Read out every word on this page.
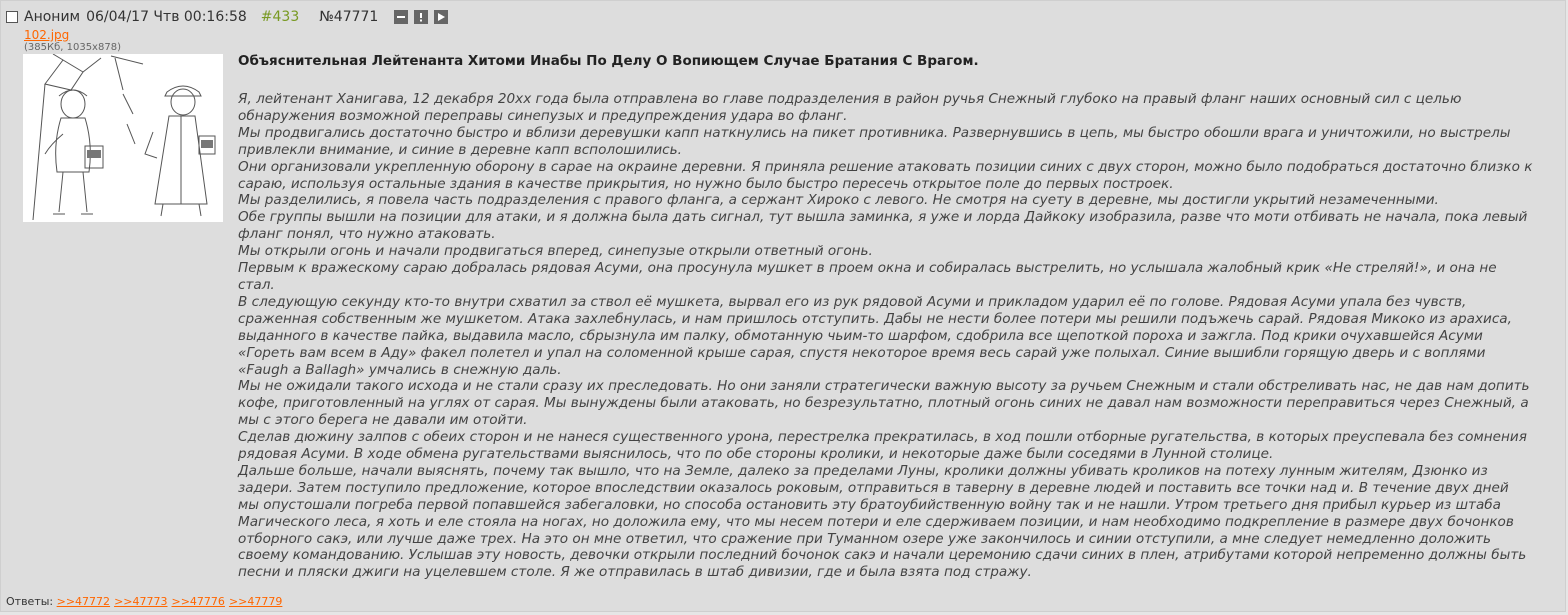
Аноним 06/04/17 Чтв 00:16:58 #433 №47771
102.jpg
(385Кб, 1035x878)
Объяснительная Лейтенанта Хитоми Инабы По Делу О Вопиющем Случае Братания С Врагом.

Я, лейтенант Ханигава, 12 декабря 20хх года была отправлена во главе подразделения в район ручья Снежный глубоко на правый фланг наших основный сил с целью обнаружения возможной переправы синепузых и предупреждения удара во фланг.

Мы продвигались достаточно быстро и вблизи деревушки капп наткнулись на пикет противника. Развернувшись в цепь, мы быстро обошли врага и уничтожили, но выстрелы привлекли внимание, и синие в деревне капп всполошились.

Они организовали укрепленную оборону в сарае на окраине деревни. Я приняла решение атаковать позиции синих с двух сторон, можно было подобраться достаточно близко к сараю, используя остальные здания в качестве прикрытия, но нужно было быстро пересечь открытое поле до первых построек.

Мы разделились, я повела часть подразделения с правого фланга, а сержант Хироко с левого. Не смотря на суету в деревне, мы достигли укрытий незамеченными.

Обе группы вышли на позиции для атаки, и я должна была дать сигнал, тут вышла заминка, я уже и лорда Дайкоку изобразила, разве что моти отбивать не начала, пока левый фланг понял, что нужно атаковать.

Мы открыли огонь и начали продвигаться вперед, синепузые открыли ответный огонь.

Первым к вражескому сараю добралась рядовая Асуми, она просунула мушкет в проем окна и собиралась выстрелить, но услышала жалобный крик «Не стреляй!», и она не стал.

В следующую секунду кто-то внутри схватил за ствол её мушкета, вырвал его из рук рядовой Асуми и прикладом ударил её по голове. Рядовая Асуми упала без чувств, сраженная собственным же мушкетом. Атака захлебнулась, и нам пришлось отступить. Дабы не нести более потери мы решили подъжечь сарай. Рядовая Микоко из арахиса, выданного в качестве пайка, выдавила масло, сбрызнула им палку, обмотанную чьим-то шарфом, сдобрила все щепоткой пороха и зажгла. Под крики очухавшейся Асуми «Гореть вам всем в Аду» факел полетел и упал на соломенной крыше сарая, спустя некоторое время весь сарай уже полыхал. Синие вышибли горящую дверь и с воплями «Faugh a Ballagh» умчались в снежную даль.

Мы не ожидали такого исхода и не стали сразу их преследовать. Но они заняли стратегически важную высоту за ручьем Снежным и стали обстреливать нас, не дав нам допить кофе, приготовленный на углях от сарая. Мы вынуждены были атаковать, но безрезультатно, плотный огонь синих не давал нам возможности переправиться через Снежный, а мы с этого берега не давали им отойти.

Сделав дюжину залпов с обеих сторон и не нанеся существенного урона, перестрелка прекратилась, в ход пошли отборные ругательства, в которых преуспевала без сомнения рядовая Асуми. В ходе обмена ругательствами выяснилось, что по обе стороны кролики, и некоторые даже были соседями в Лунной столице.

Дальше больше, начали выяснять, почему так вышло, что на Земле, далеко за пределами Луны, кролики должны убивать кроликов на потеху лунным жителям, Дзюнко из задери. Затем поступило предложение, которое впоследствии оказалось роковым, отправиться в таверну в деревне людей и поставить все точки над и. В течение двух дней мы опустошали погреба первой попавшейся забегаловки, но способа остановить эту братоубийственную войну так и не нашли. Утром третьего дня прибыл курьер из штаба Магического леса, я хоть и еле стояла на ногах, но доложила ему, что мы несем потери и еле сдерживаем позиции, и нам необходимо подкрепление в размере двух бочонков отборного сакэ, или лучше даже трех. На это он мне ответил, что сражение при Туманном озере уже закончилось и синии отступили, а мне следует немедленно доложить своему командованию. Услышав эту новость, девочки открыли последний бочонок сакэ и начали церемонию сдачи синих в плен, атрибутами которой непременно должны быть песни и пляски джиги на уцелевшем столе. Я же отправилась в штаб дивизии, где и была взята под стражу.

Ответы: >>47772 >>47773 >>47776 >>47779
